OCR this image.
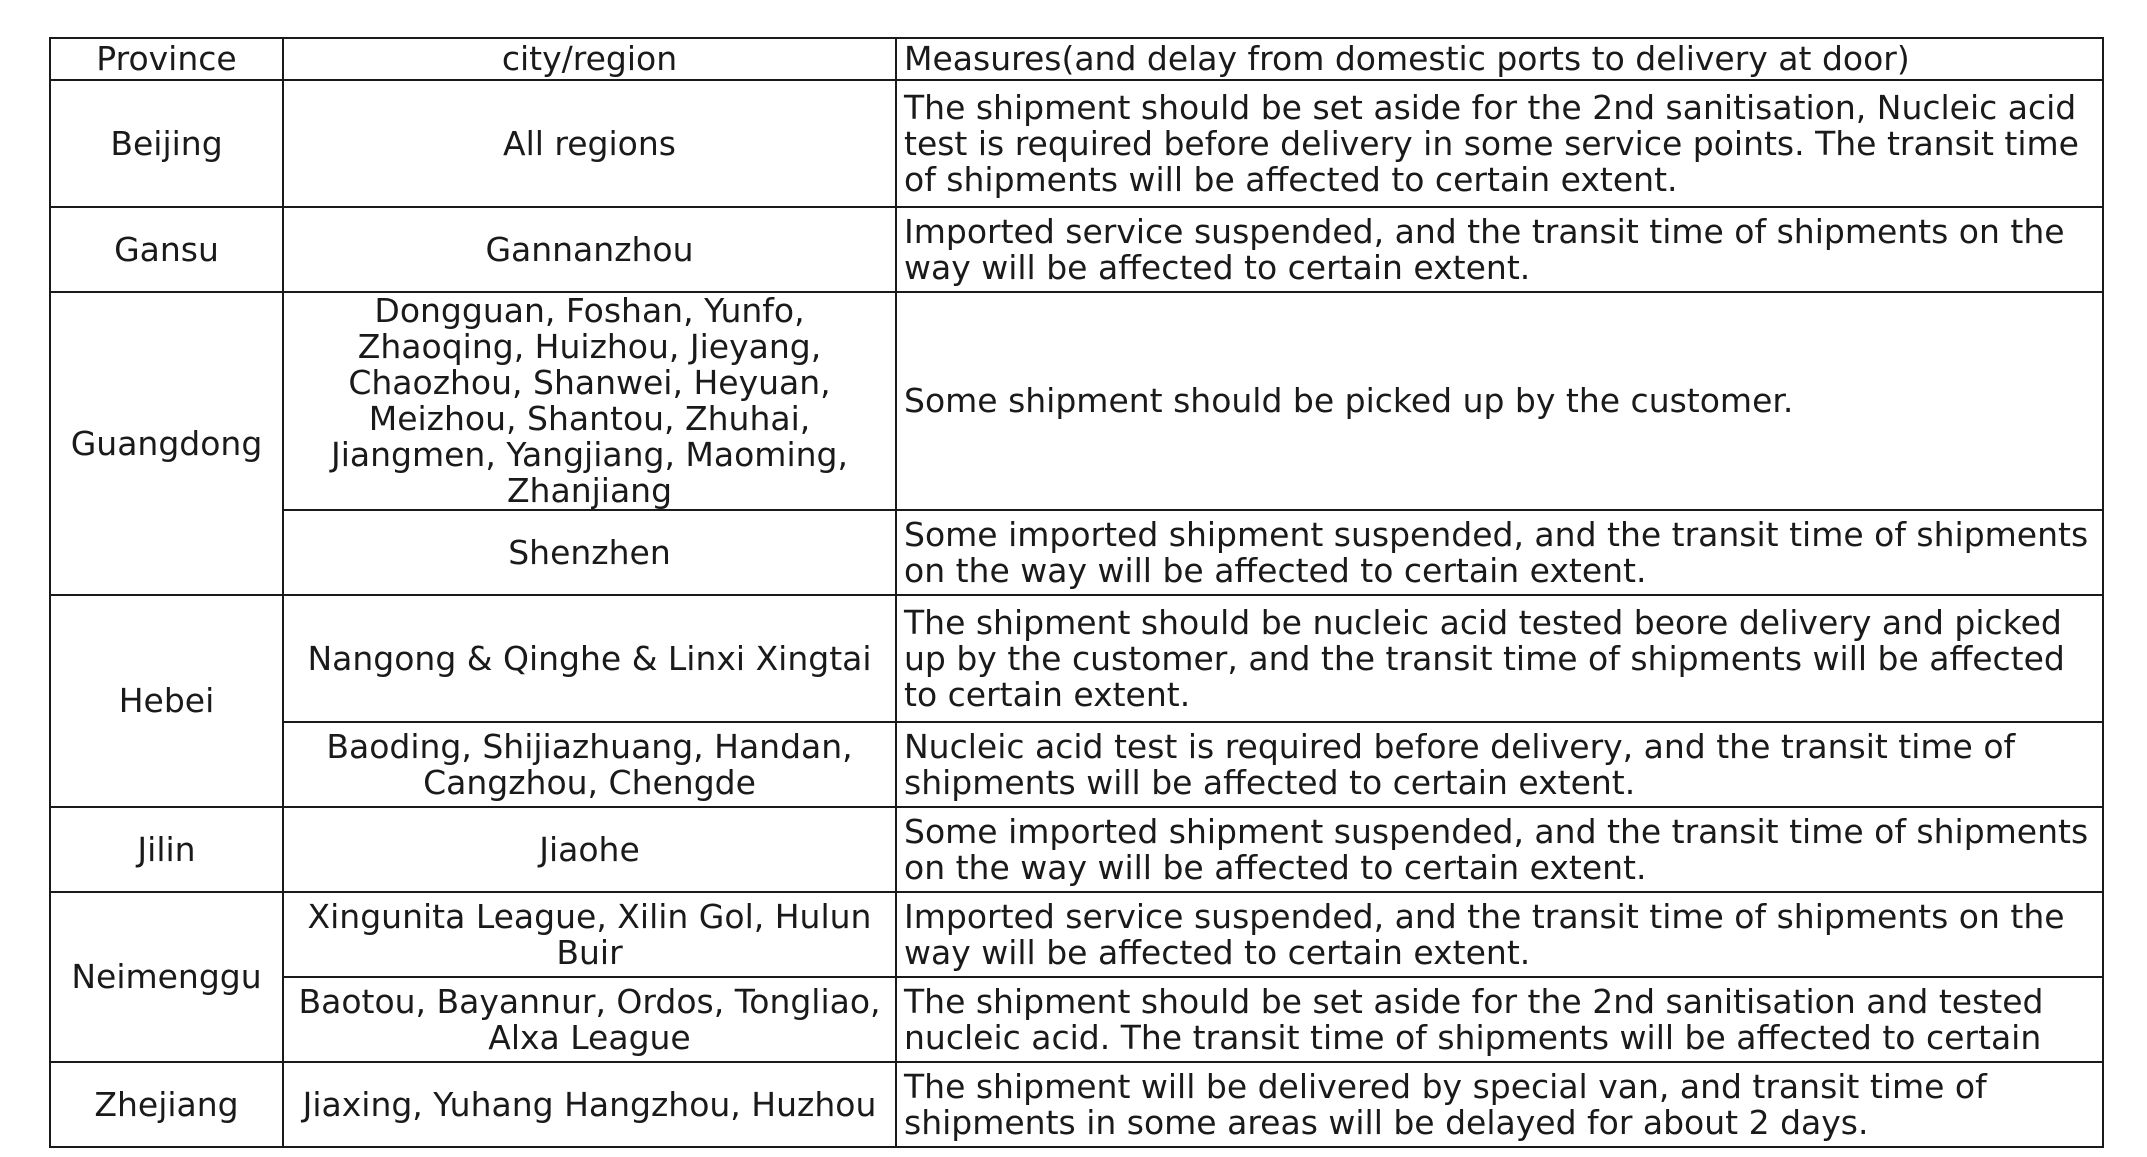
Province	city/region	Measures(and delay from domestic ports to delivery at door)
Beijing	All regions	The shipment should be set aside for the 2nd sanitisation, Nucleic acid test is required before delivery in some service points. The transit time of shipments will be affected to certain extent.
Gansu	Gannanzhou	Imported service suspended, and the transit time of shipments on the way will be affected to certain extent.
Guangdong	Dongguan, Foshan, Yunfo, Zhaoqing, Huizhou, Jieyang, Chaozhou, Shanwei, Heyuan, Meizhou, Shantou, Zhuhai, Jiangmen, Yangjiang, Maoming, Zhanjiang	Some shipment should be picked up by the customer.
	Shenzhen	Some imported shipment suspended, and the transit time of shipments on the way will be affected to certain extent.
Hebei	Nangong & Qinghe & Linxi Xingtai	The shipment should be nucleic acid tested beore delivery and picked up by the customer, and the transit time of shipments will be affected to certain extent.
	Baoding, Shijiazhuang, Handan, Cangzhou, Chengde	Nucleic acid test is required before delivery, and the transit time of shipments will be affected to certain extent.
Jilin	Jiaohe	Some imported shipment suspended, and the transit time of shipments on the way will be affected to certain extent.
Neimenggu	Xingunita League, Xilin Gol, Hulun Buir	Imported service suspended, and the transit time of shipments on the way will be affected to certain extent.
	Baotou, Bayannur, Ordos, Tongliao, Alxa League	The shipment should be set aside for the 2nd sanitisation and tested nucleic acid. The transit time of shipments will be affected to certain
Zhejiang	Jiaxing, Yuhang Hangzhou, Huzhou	The shipment will be delivered by special van, and transit time of shipments in some areas will be delayed for about 2 days.
